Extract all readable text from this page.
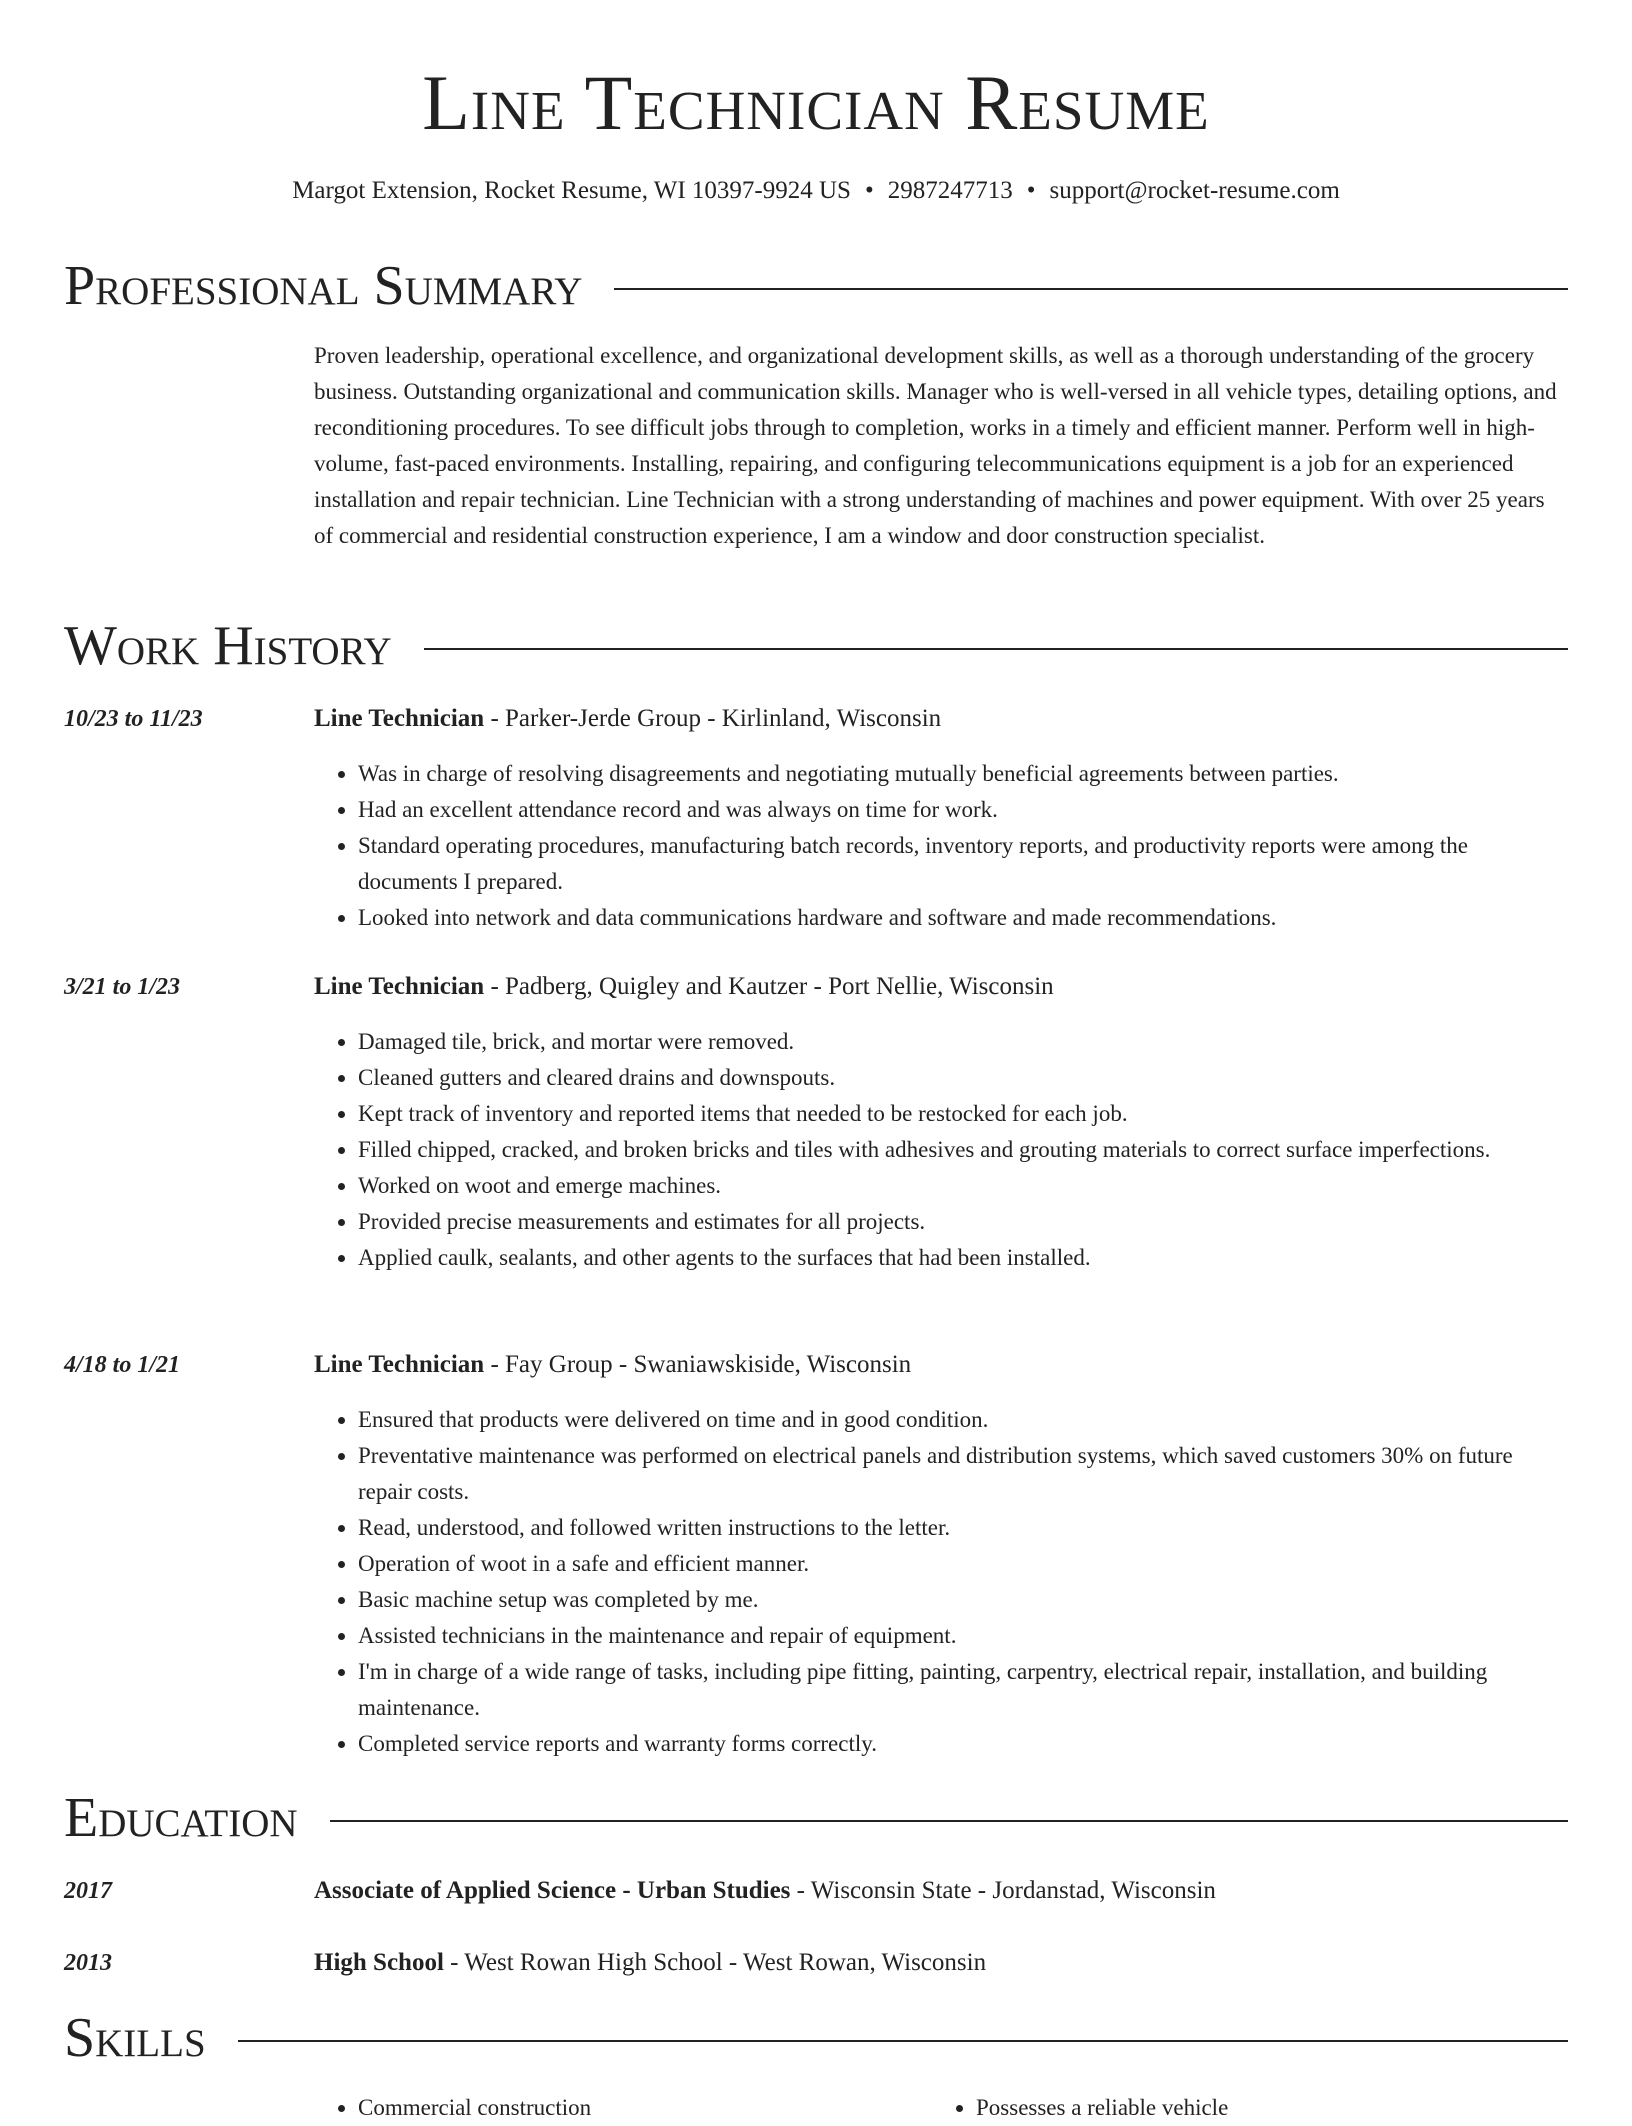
Line Technician Resume
Margot Extension, Rocket Resume, WI 10397-9924 US • 2987247713 • support@rocket-resume.com
Professional Summary

Proven leadership, operational excellence, and organizational development skills, as well as a thorough understanding of the grocery business. Outstanding organizational and communication skills. Manager who is well-versed in all vehicle types, detailing options, and reconditioning procedures. To see difficult jobs through to completion, works in a timely and efficient manner. Perform well in high-volume, fast-paced environments. Installing, repairing, and configuring telecommunications equipment is a job for an experienced installation and repair technician. Line Technician with a strong understanding of machines and power equipment. With over 25 years of commercial and residential construction experience, I am a window and door construction specialist.

Work History
10/23 to 11/23	Line Technician - Parker-Jerde Group - Kirlinland, Wisconsin
• Was in charge of resolving disagreements and negotiating mutually beneficial agreements between parties.
• Had an excellent attendance record and was always on time for work.
• Standard operating procedures, manufacturing batch records, inventory reports, and productivity reports were among the documents I prepared.
• Looked into network and data communications hardware and software and made recommendations.
3/21 to 1/23	Line Technician - Padberg, Quigley and Kautzer - Port Nellie, Wisconsin
• Damaged tile, brick, and mortar were removed.
• Cleaned gutters and cleared drains and downspouts.
• Kept track of inventory and reported items that needed to be restocked for each job.
• Filled chipped, cracked, and broken bricks and tiles with adhesives and grouting materials to correct surface imperfections.
• Worked on woot and emerge machines.
• Provided precise measurements and estimates for all projects.
• Applied caulk, sealants, and other agents to the surfaces that had been installed.
4/18 to 1/21	Line Technician - Fay Group - Swaniawskiside, Wisconsin
• Ensured that products were delivered on time and in good condition.
• Preventative maintenance was performed on electrical panels and distribution systems, which saved customers 30% on future repair costs.
• Read, understood, and followed written instructions to the letter.
• Operation of woot in a safe and efficient manner.
• Basic machine setup was completed by me.
• Assisted technicians in the maintenance and repair of equipment.
• I'm in charge of a wide range of tasks, including pipe fitting, painting, carpentry, electrical repair, installation, and building maintenance.
• Completed service reports and warranty forms correctly.
Education
2017	Associate of Applied Science - Urban Studies - Wisconsin State - Jordanstad, Wisconsin
2013	High School - West Rowan High School - West Rowan, Wisconsin
Skills
• Commercial construction
•	Possesses a reliable vehicle
